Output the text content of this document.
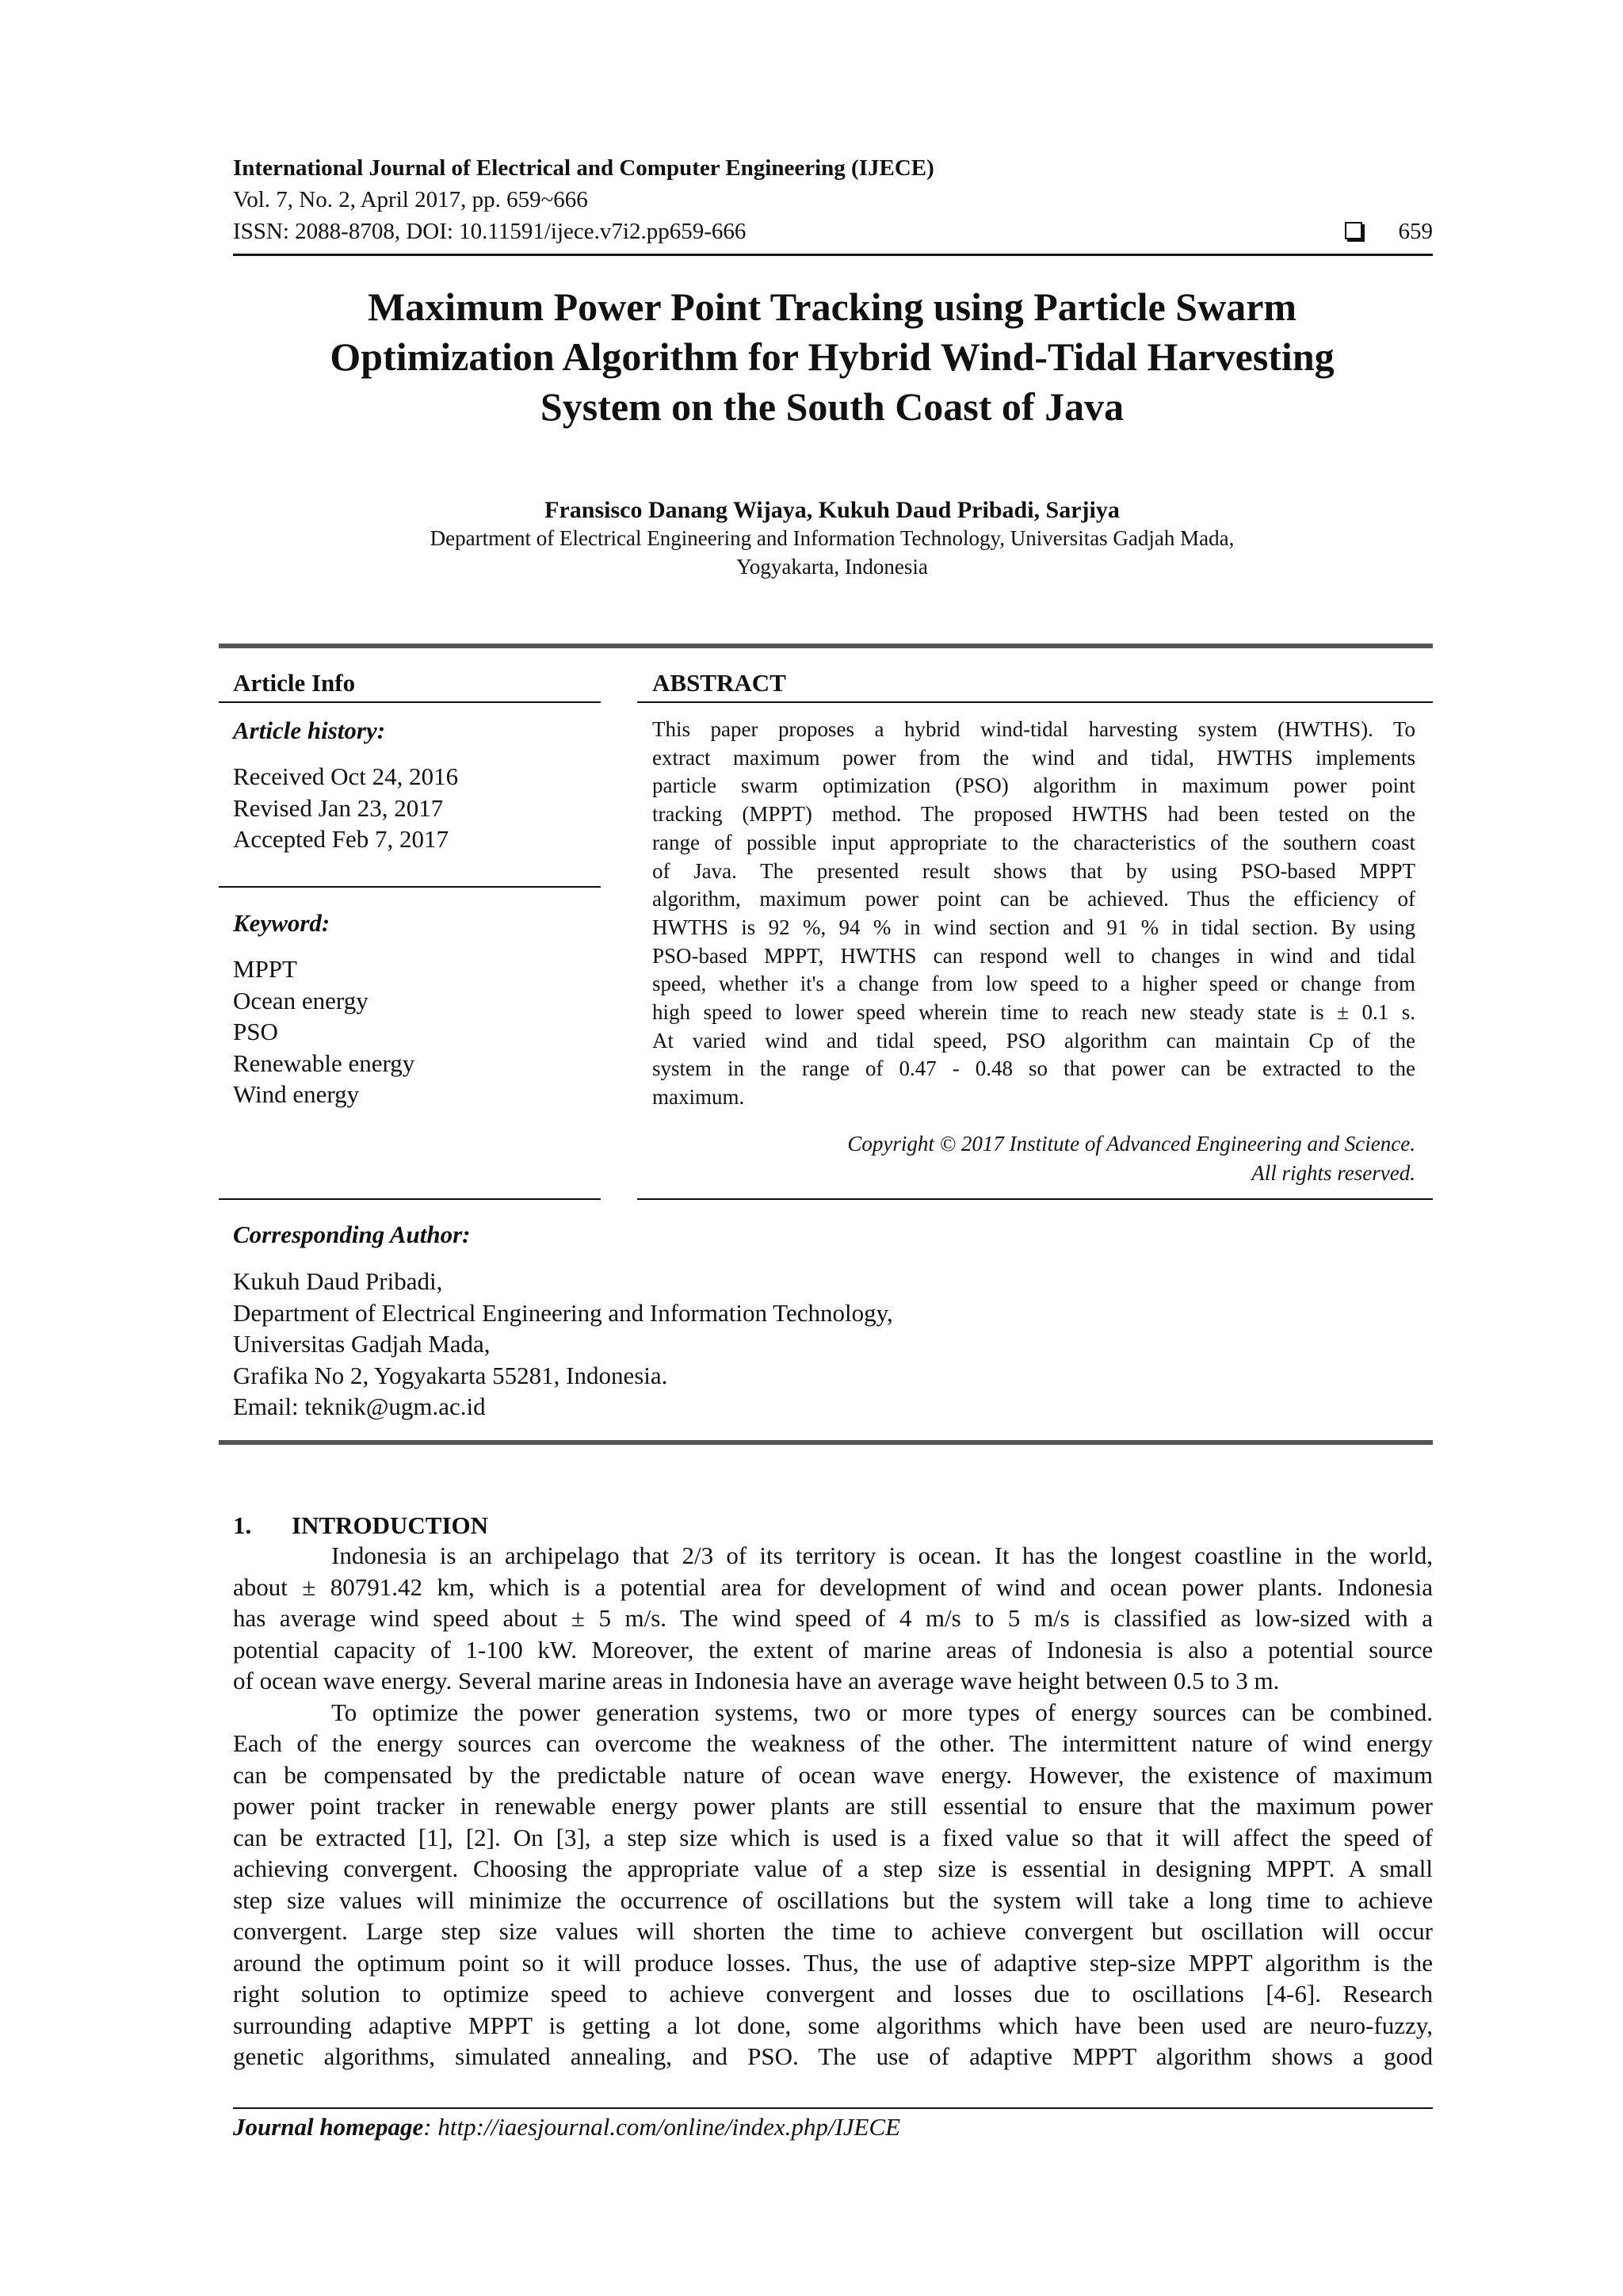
International Journal of Electrical and Computer Engineering (IJECE)
Vol. 7, No. 2, April 2017, pp. 659~666
ISSN: 2088-8708, DOI: 10.11591/ijece.v7i2.pp659-666	659
Maximum Power Point Tracking using Particle Swarm
Optimization Algorithm for Hybrid Wind-Tidal Harvesting
System on the South Coast of Java
Fransisco Danang Wijaya, Kukuh Daud Pribadi, Sarjiya
Department of Electrical Engineering and Information Technology, Universitas Gadjah Mada,
Yogyakarta, Indonesia
Article Info
Article history:
Received Oct 24, 2016
Revised Jan 23, 2017
Accepted Feb 7, 2017
Keyword:
MPPT
Ocean energy
PSO
Renewable energy
Wind energy
ABSTRACT
This paper proposes a hybrid wind-tidal harvesting system (HWTHS). To
extract maximum power from the wind and tidal, HWTHS implements
particle swarm optimization (PSO) algorithm in maximum power point
tracking (MPPT) method. The proposed HWTHS had been tested on the
range of possible input appropriate to the characteristics of the southern coast
of Java. The presented result shows that by using PSO-based MPPT
algorithm, maximum power point can be achieved. Thus the efficiency of
HWTHS is 92 %, 94 % in wind section and 91 % in tidal section. By using
PSO-based MPPT, HWTHS can respond well to changes in wind and tidal
speed, whether it's a change from low speed to a higher speed or change from
high speed to lower speed wherein time to reach new steady state is ± 0.1 s.
At varied wind and tidal speed, PSO algorithm can maintain Cp of the
system in the range of 0.47 - 0.48 so that power can be extracted to the
maximum.
Copyright © 2017 Institute of Advanced Engineering and Science.
All rights reserved.
Corresponding Author:
Kukuh Daud Pribadi,
Department of Electrical Engineering and Information Technology,
Universitas Gadjah Mada,
Grafika No 2, Yogyakarta 55281, Indonesia.
Email: teknik@ugm.ac.id
1. INTRODUCTION
Indonesia is an archipelago that 2/3 of its territory is ocean. It has the longest coastline in the world,
about ± 80791.42 km, which is a potential area for development of wind and ocean power plants. Indonesia
has average wind speed about ± 5 m/s. The wind speed of 4 m/s to 5 m/s is classified as low-sized with a
potential capacity of 1-100 kW. Moreover, the extent of marine areas of Indonesia is also a potential source
of ocean wave energy. Several marine areas in Indonesia have an average wave height between 0.5 to 3 m.
To optimize the power generation systems, two or more types of energy sources can be combined.
Each of the energy sources can overcome the weakness of the other. The intermittent nature of wind energy
can be compensated by the predictable nature of ocean wave energy. However, the existence of maximum
power point tracker in renewable energy power plants are still essential to ensure that the maximum power
can be extracted [1], [2]. On [3], a step size which is used is a fixed value so that it will affect the speed of
achieving convergent. Choosing the appropriate value of a step size is essential in designing MPPT. A small
step size values will minimize the occurrence of oscillations but the system will take a long time to achieve
convergent. Large step size values will shorten the time to achieve convergent but oscillation will occur
around the optimum point so it will produce losses. Thus, the use of adaptive step-size MPPT algorithm is the
right solution to optimize speed to achieve convergent and losses due to oscillations [4-6]. Research
surrounding adaptive MPPT is getting a lot done, some algorithms which have been used are neuro-fuzzy,
genetic algorithms, simulated annealing, and PSO. The use of adaptive MPPT algorithm shows a good
Journal homepage: http://iaesjournal.com/online/index.php/IJECE
